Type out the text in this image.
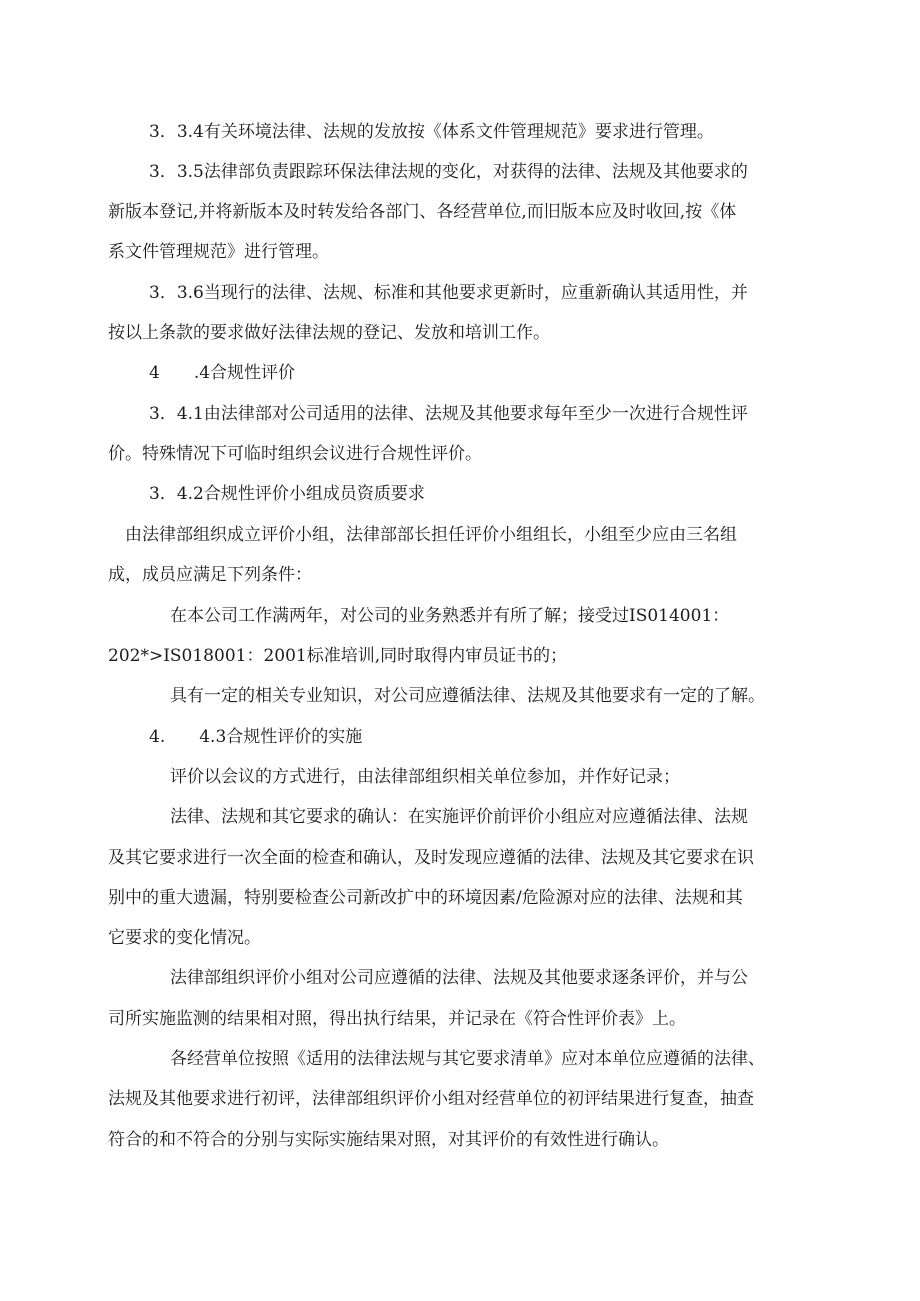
3．3.4有关环境法律、法规的发放按《体系文件管理规范》要求进行管理。
3．3.5法律部负责跟踪环保法律法规的变化，对获得的法律、法规及其他要求的
新版本登记,并将新版本及时转发给各部门、各经营单位,而旧版本应及时收回,按《体
系文件管理规范》进行管理。
3．3.6当现行的法律、法规、标准和其他要求更新时，应重新确认其适用性，并
按以上条款的要求做好法律法规的登记、发放和培训工作。
4　　.4合规性评价
3．4.1由法律部对公司适用的法律、法规及其他要求每年至少一次进行合规性评
价。特殊情况下可临时组织会议进行合规性评价。
3．4.2合规性评价小组成员资质要求
由法律部组织成立评价小组，法律部部长担任评价小组组长，小组至少应由三名组
成，成员应满足下列条件：
在本公司工作满两年，对公司的业务熟悉并有所了解；接受过IS014001：
202*>IS018001：2001标准培训,同时取得内审员证书的；
具有一定的相关专业知识，对公司应遵循法律、法规及其他要求有一定的了解。
4.　　4.3合规性评价的实施
评价以会议的方式进行，由法律部组织相关单位参加，并作好记录；
法律、法规和其它要求的确认：在实施评价前评价小组应对应遵循法律、法规
及其它要求进行一次全面的检查和确认，及时发现应遵循的法律、法规及其它要求在识
别中的重大遗漏，特别要检查公司新改扩中的环境因素/危险源对应的法律、法规和其
它要求的变化情况。
法律部组织评价小组对公司应遵循的法律、法规及其他要求逐条评价，并与公
司所实施监测的结果相对照，得出执行结果，并记录在《符合性评价表》上。
各经营单位按照《适用的法律法规与其它要求清单》应对本单位应遵循的法律、
法规及其他要求进行初评，法律部组织评价小组对经营单位的初评结果进行复查，抽查
符合的和不符合的分别与实际实施结果对照，对其评价的有效性进行确认。
